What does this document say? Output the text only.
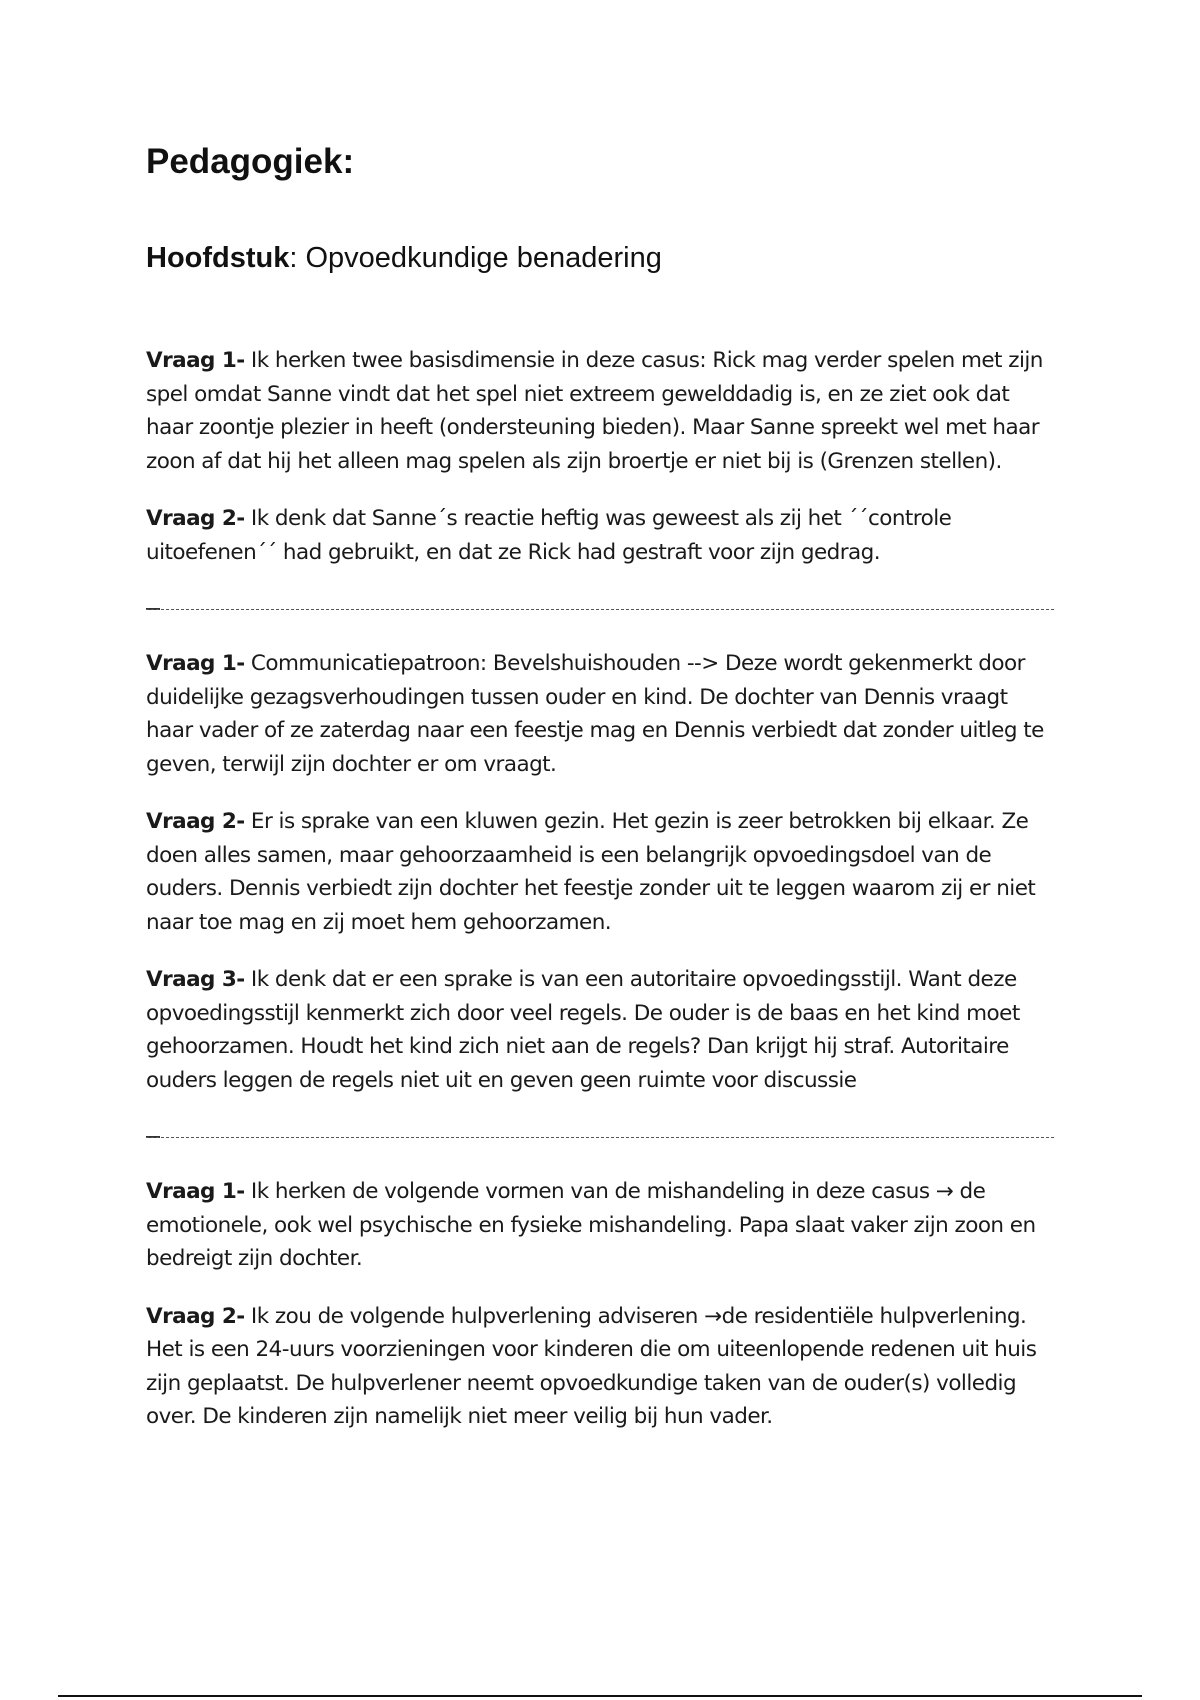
Pedagogiek:
Hoofdstuk: Opvoedkundige benadering

Vraag 1- Ik herken twee basisdimensie in deze casus: Rick mag verder spelen met zijn spel omdat Sanne vindt dat het spel niet extreem gewelddadig is, en ze ziet ook dat haar zoontje plezier in heeft (ondersteuning bieden). Maar Sanne spreekt wel met haar zoon af dat hij het alleen mag spelen als zijn broertje er niet bij is (Grenzen stellen).

Vraag 2- Ik denk dat Sanne´s reactie heftig was geweest als zij het ´´controle uitoefenen´´ had gebruikt, en dat ze Rick had gestraft voor zijn gedrag.

Vraag 1- Communicatiepatroon: Bevelshuishouden --> Deze wordt gekenmerkt door duidelijke gezagsverhoudingen tussen ouder en kind. De dochter van Dennis vraagt haar vader of ze zaterdag naar een feestje mag en Dennis verbiedt dat zonder uitleg te geven, terwijl zijn dochter er om vraagt.

Vraag 2- Er is sprake van een kluwen gezin. Het gezin is zeer betrokken bij elkaar. Ze doen alles samen, maar gehoorzaamheid is een belangrijk opvoedingsdoel van de ouders. Dennis verbiedt zijn dochter het feestje zonder uit te leggen waarom zij er niet naar toe mag en zij moet hem gehoorzamen.

Vraag 3- Ik denk dat er een sprake is van een autoritaire opvoedingsstijl. Want deze opvoedingsstijl kenmerkt zich door veel regels. De ouder is de baas en het kind moet gehoorzamen. Houdt het kind zich niet aan de regels? Dan krijgt hij straf. Autoritaire ouders leggen de regels niet uit en geven geen ruimte voor discussie

Vraag 1- Ik herken de volgende vormen van de mishandeling in deze casus → de emotionele, ook wel psychische en fysieke mishandeling. Papa slaat vaker zijn zoon en bedreigt zijn dochter.

Vraag 2- Ik zou de volgende hulpverlening adviseren →de residentiële hulpverlening. Het is een 24-uurs voorzieningen voor kinderen die om uiteenlopende redenen uit huis zijn geplaatst. De hulpverlener neemt opvoedkundige taken van de ouder(s) volledig over. De kinderen zijn namelijk niet meer veilig bij hun vader.
